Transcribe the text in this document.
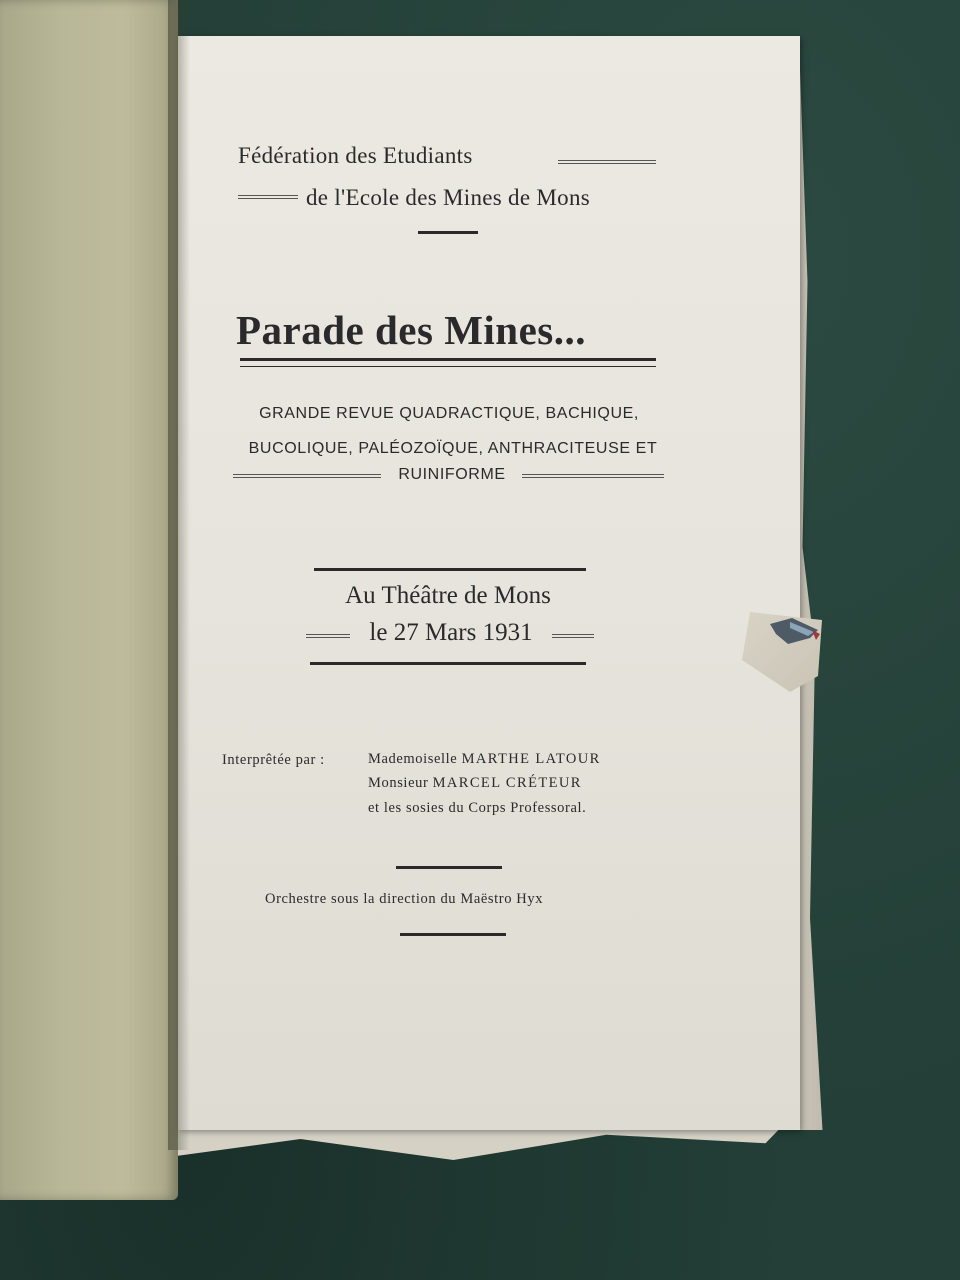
Fédération des Etudiants
de l'Ecole des Mines de Mons
Parade des Mines...
GRANDE REVUE QUADRACTIQUE, BACHIQUE,
BUCOLIQUE, PALÉOZOÏQUE, ANTHRACITEUSE ET
RUINIFORME
Au Théâtre de Mons
le 27 Mars 1931
Interprêtée par :	Mademoiselle MARTHE LATOUR
Monsieur MARCEL CRÉTEUR
et les sosies du Corps Professoral.
Orchestre sous la direction du Maëstro Hyx
